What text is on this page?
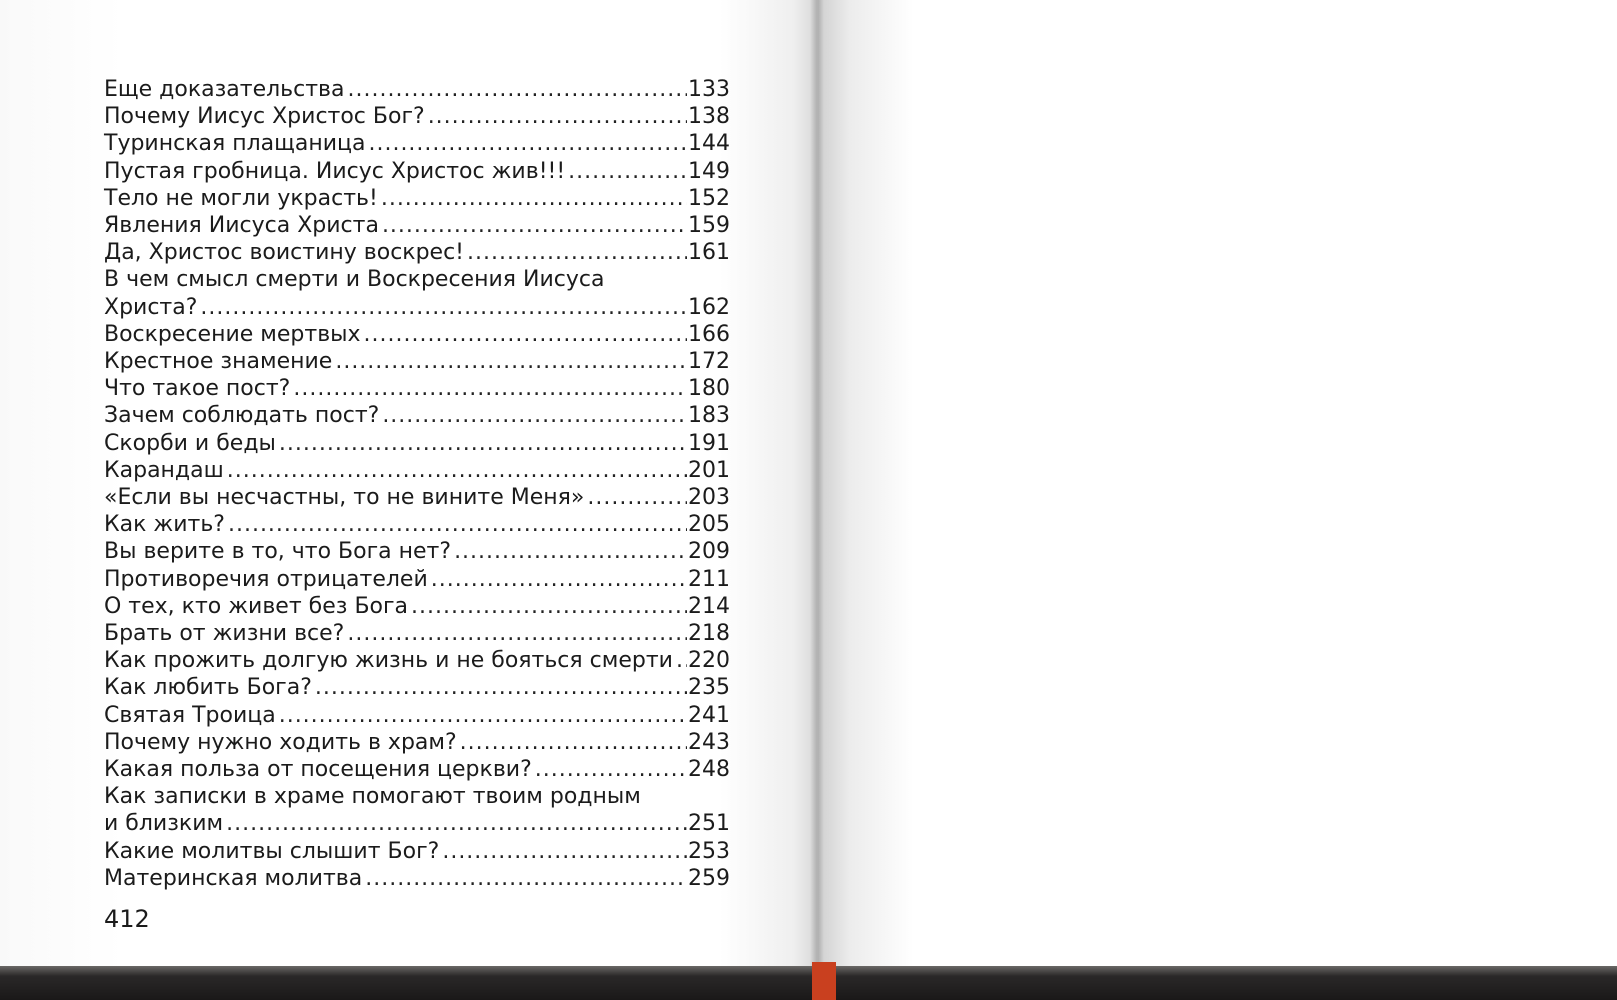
Еще доказательства .....	133
Почему Иисус Христос Бог? .....	138
Туринская плащаница .....	144
Пустая гробница. Иисус Христос жив!!! .....	149
Тело не могли украсть! .....	152
Явления Иисуса Христа .....	159
Да, Христос воистину воскрес! .....	161
В чем смысл смерти и Воскресения Иисуса
Христа? .....	162
Воскресение мертвых .....	166
Крестное знамение .....	172
Что такое пост? .....	180
Зачем соблюдать пост? .....	183
Скорби и беды .....	191
Карандаш .....	201
«Если вы несчастны, то не вините Меня» .....	203
Как жить? .....	205
Вы верите в то, что Бога нет? .....	209
Противоречия отрицателей .....	211
О тех, кто живет без Бога .....	214
Брать от жизни все? .....	218
Как прожить долгую жизнь и не бояться смерти ..... 220
Как любить Бога? .....	235
Святая Троица .....	241
Почему нужно ходить в храм? .....	243
Какая польза от посещения церкви? .....	248
Как записки в храме помогают твоим родным
и близким .....	251
Какие молитвы слышит Бог? .....	253
Материнская молитва .....	259
412
